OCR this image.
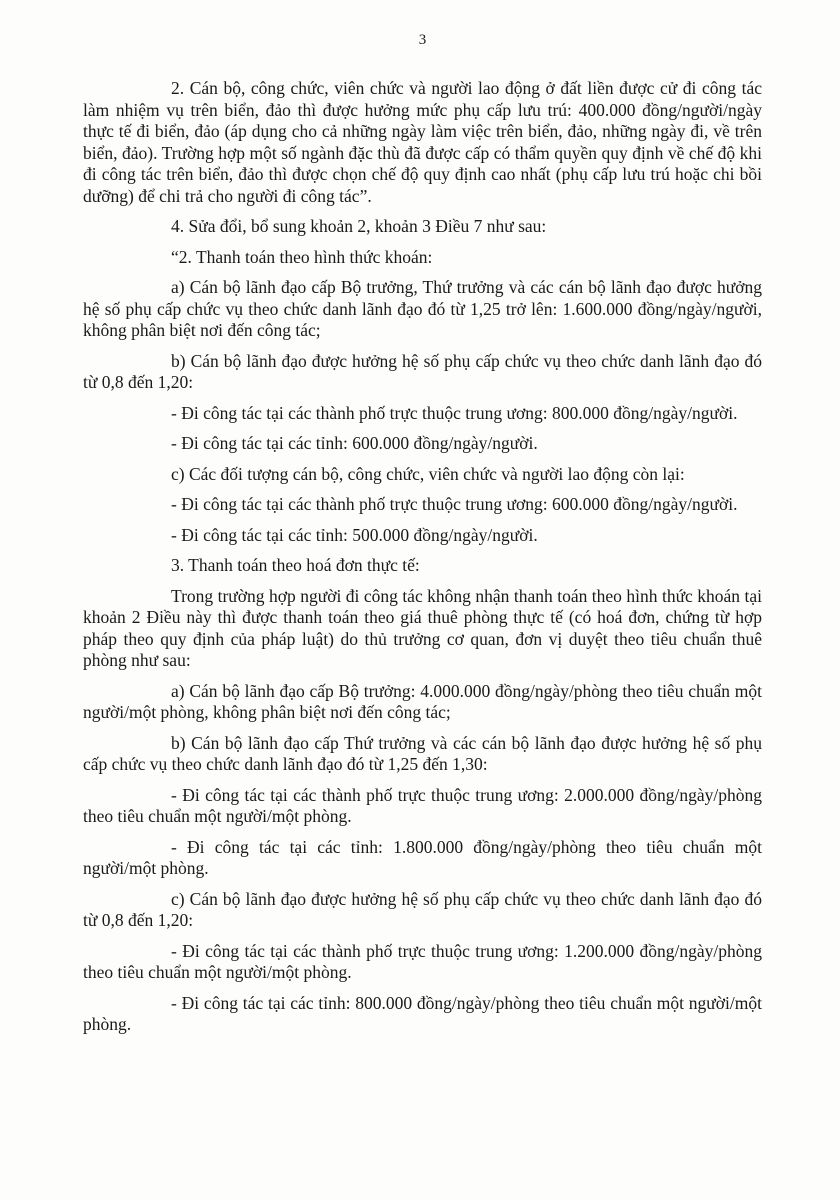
3

2. Cán bộ, công chức, viên chức và người lao động ở đất liền được cử đi công tác làm nhiệm vụ trên biển, đảo thì được hưởng mức phụ cấp lưu trú: 400.000 đồng/người/ngày thực tế đi biển, đảo (áp dụng cho cả những ngày làm việc trên biển, đảo, những ngày đi, về trên biển, đảo). Trường hợp một số ngành đặc thù đã được cấp có thẩm quyền quy định về chế độ khi đi công tác trên biển, đảo thì được chọn chế độ quy định cao nhất (phụ cấp lưu trú hoặc chi bồi dưỡng) để chi trả cho người đi công tác”.

4. Sửa đổi, bổ sung khoản 2, khoản 3 Điều 7 như sau:

“2. Thanh toán theo hình thức khoán:

a) Cán bộ lãnh đạo cấp Bộ trưởng, Thứ trưởng và các cán bộ lãnh đạo được hưởng hệ số phụ cấp chức vụ theo chức danh lãnh đạo đó từ 1,25 trở lên: 1.600.000 đồng/ngày/người, không phân biệt nơi đến công tác;

b) Cán bộ lãnh đạo được hưởng hệ số phụ cấp chức vụ theo chức danh lãnh đạo đó từ 0,8 đến 1,20:

- Đi công tác tại các thành phố trực thuộc trung ương: 800.000 đồng/ngày/người.

- Đi công tác tại các tỉnh: 600.000 đồng/ngày/người.

c) Các đối tượng cán bộ, công chức, viên chức và người lao động còn lại:

- Đi công tác tại các thành phố trực thuộc trung ương: 600.000 đồng/ngày/người.

- Đi công tác tại các tỉnh: 500.000 đồng/ngày/người.

3. Thanh toán theo hoá đơn thực tế:

Trong trường hợp người đi công tác không nhận thanh toán theo hình thức khoán tại khoản 2 Điều này thì được thanh toán theo giá thuê phòng thực tế (có hoá đơn, chứng từ hợp pháp theo quy định của pháp luật) do thủ trưởng cơ quan, đơn vị duyệt theo tiêu chuẩn thuê phòng như sau:

a) Cán bộ lãnh đạo cấp Bộ trưởng: 4.000.000 đồng/ngày/phòng theo tiêu chuẩn một người/một phòng, không phân biệt nơi đến công tác;

b) Cán bộ lãnh đạo cấp Thứ trưởng và các cán bộ lãnh đạo được hưởng hệ số phụ cấp chức vụ theo chức danh lãnh đạo đó từ 1,25 đến 1,30:

- Đi công tác tại các thành phố trực thuộc trung ương: 2.000.000 đồng/ngày/phòng theo tiêu chuẩn một người/một phòng.

- Đi công tác tại các tỉnh: 1.800.000 đồng/ngày/phòng theo tiêu chuẩn một người/một phòng.

c) Cán bộ lãnh đạo được hưởng hệ số phụ cấp chức vụ theo chức danh lãnh đạo đó từ 0,8 đến 1,20:

- Đi công tác tại các thành phố trực thuộc trung ương: 1.200.000 đồng/ngày/phòng theo tiêu chuẩn một người/một phòng.

- Đi công tác tại các tỉnh: 800.000 đồng/ngày/phòng theo tiêu chuẩn một người/một phòng.
